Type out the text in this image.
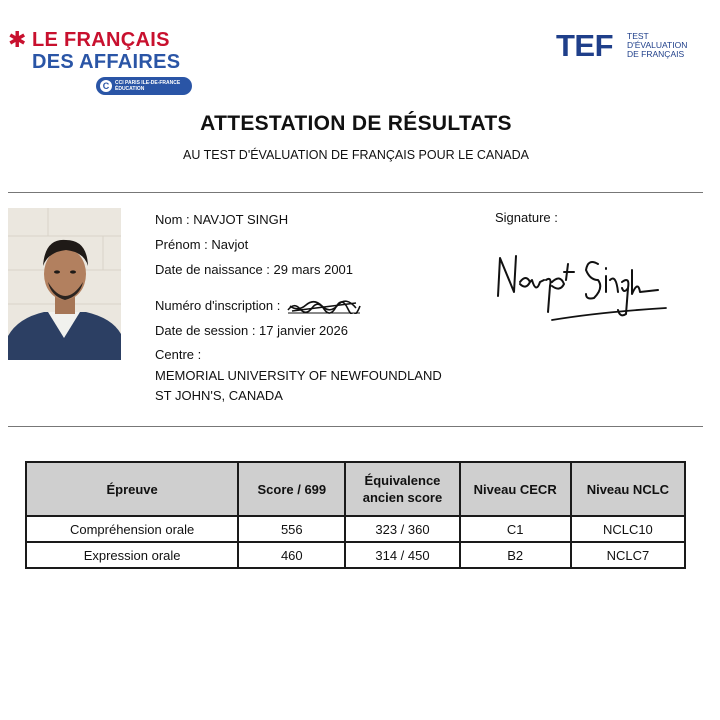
✱ LE FRANÇAIS
DES AFFAIRES
C	CCI PARIS ILE-DE-FRANCE
ÉDUCATION
TEF TEST
D'ÉVALUATION
DE FRANÇAIS
ATTESTATION DE RÉSULTATS
AU TEST D'ÉVALUATION DE FRANÇAIS POUR LE CANADA
Nom : NAVJOT SINGH
Prénom : Navjot
Date de naissance : 29 mars 2001
Numéro d'inscription :
Date de session : 17 janvier 2026
Centre :
MEMORIAL UNIVERSITY OF NEWFOUNDLAND
ST JOHN'S, CANADA
Signature :
Épreuve	Score / 699	Équivalence
ancien score	Niveau CECR	Niveau NCLC
Compréhension orale	556	323 / 360	C1	NCLC10
Expression orale	460	314 / 450	B2	NCLC7
